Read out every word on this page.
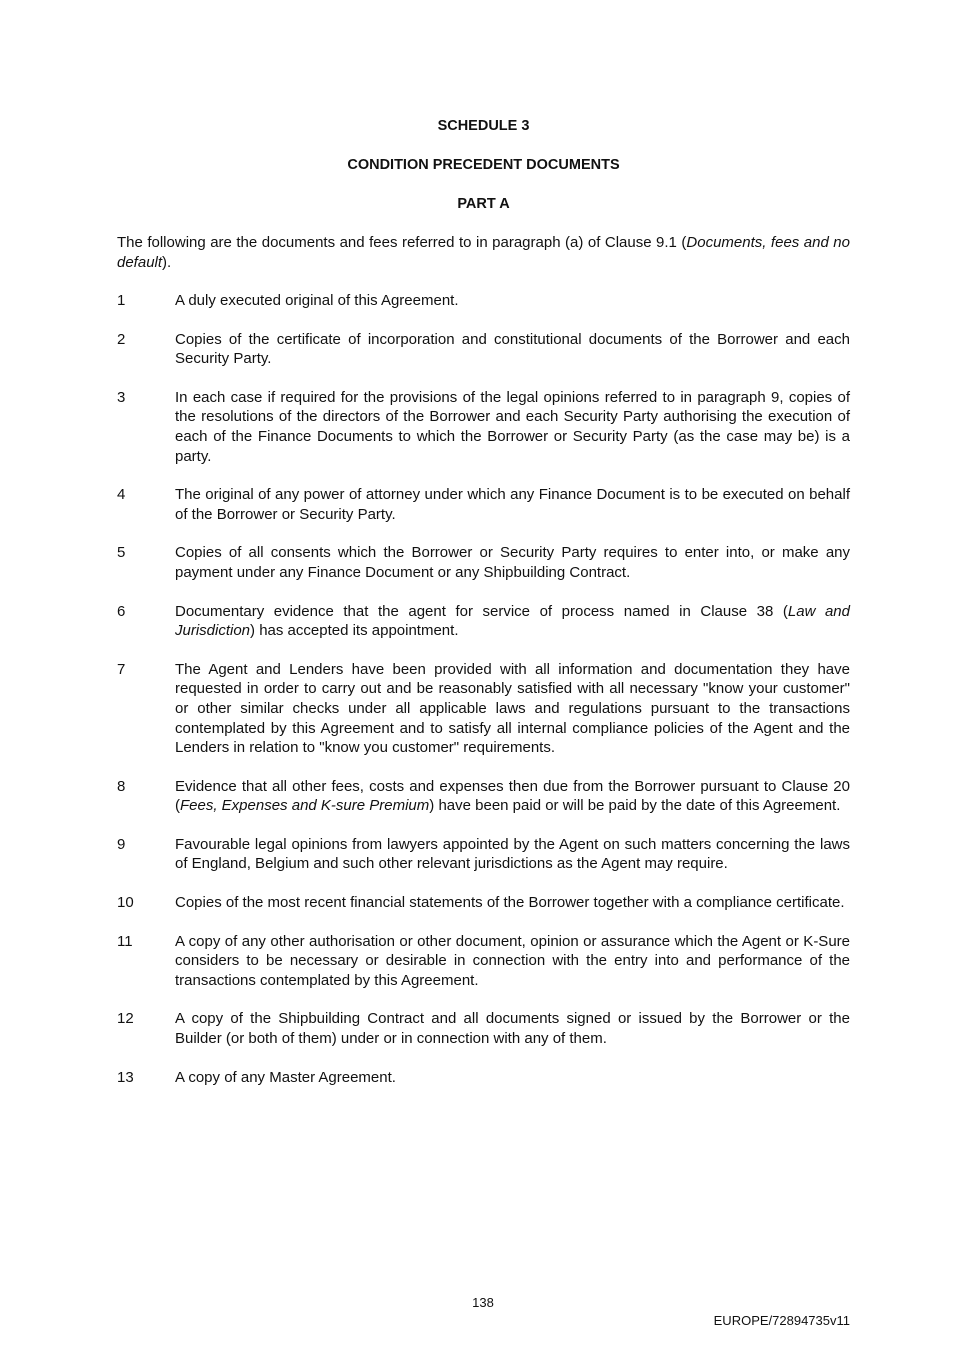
SCHEDULE 3
CONDITION PRECEDENT DOCUMENTS
PART A
The following are the documents and fees referred to in paragraph (a) of Clause 9.1 (Documents, fees and no default).
1	A duly executed original of this Agreement.
2	Copies of the certificate of incorporation and constitutional documents of the Borrower and each Security Party.
3	In each case if required for the provisions of the legal opinions referred to in paragraph 9, copies of the resolutions of the directors of the Borrower and each Security Party authorising the execution of each of the Finance Documents to which the Borrower or Security Party (as the case may be) is a party.
4	The original of any power of attorney under which any Finance Document is to be executed on behalf of the Borrower or Security Party.
5	Copies of all consents which the Borrower or Security Party requires to enter into, or make any payment under any Finance Document or any Shipbuilding Contract.
6	Documentary evidence that the agent for service of process named in Clause 38 (Law and Jurisdiction) has accepted its appointment.
7	The Agent and Lenders have been provided with all information and documentation they have requested in order to carry out and be reasonably satisfied with all necessary "know your customer" or other similar checks under all applicable laws and regulations pursuant to the transactions contemplated by this Agreement and to satisfy all internal compliance policies of the Agent and the Lenders in relation to "know you customer" requirements.
8	Evidence that all other fees, costs and expenses then due from the Borrower pursuant to Clause 20 (Fees, Expenses and K-sure Premium) have been paid or will be paid by the date of this Agreement.
9	Favourable legal opinions from lawyers appointed by the Agent on such matters concerning the laws of England, Belgium and such other relevant jurisdictions as the Agent may require.
10	Copies of the most recent financial statements of the Borrower together with a compliance certificate.
11	A copy of any other authorisation or other document, opinion or assurance which the Agent or K-Sure considers to be necessary or desirable in connection with the entry into and performance of the transactions contemplated by this Agreement.
12	A copy of the Shipbuilding Contract and all documents signed or issued by the Borrower or the Builder (or both of them) under or in connection with any of them.
13	A copy of any Master Agreement.
138
EUROPE/72894735v11
